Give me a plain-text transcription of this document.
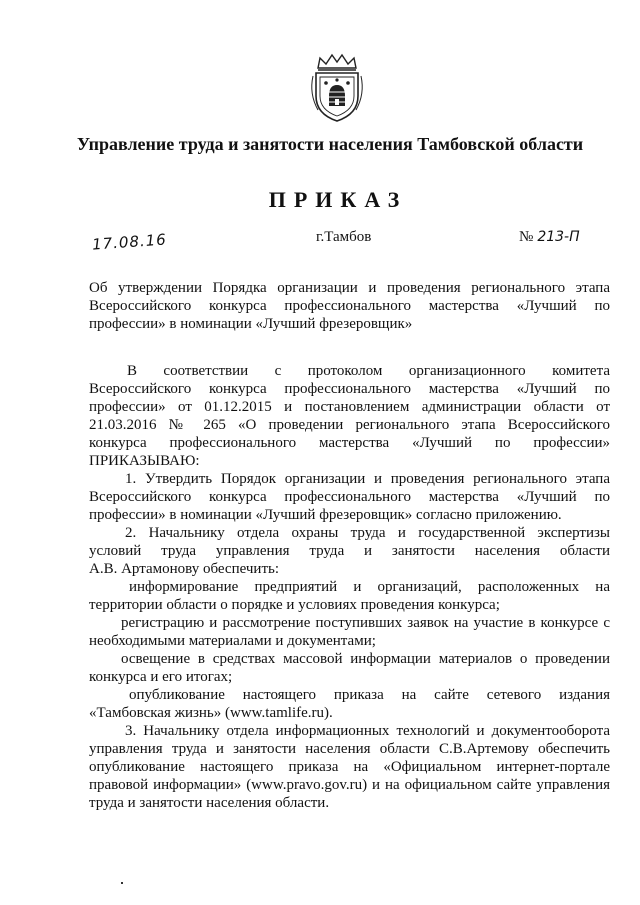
Управление труда и занятости населения Тамбовской области
ПРИКАЗ
17.08.16	г.Тамбов	№ 213-П
Об утверждении Порядка организации и проведения регионального этапа
Всероссийского конкурса профессионального мастерства «Лучший по
профессии» в номинации «Лучший фрезеровщик»
В соответствии с протоколом организационного комитета
Всероссийского конкурса профессионального мастерства «Лучший по
профессии» от 01.12.2015 и постановлением администрации области от
21.03.2016 № 265 «О проведении регионального этапа Всероссийского
конкурса профессионального мастерства «Лучший по профессии»
ПРИКАЗЫВАЮ:
1. Утвердить Порядок организации и проведения регионального этапа
Всероссийского конкурса профессионального мастерства «Лучший по
профессии» в номинации «Лучший фрезеровщик» согласно приложению.
2. Начальнику отдела охраны труда и государственной экспертизы
условий труда управления труда и занятости населения области
А.В. Артамонову обеспечить:
информирование предприятий и организаций, расположенных на
территории области о порядке и условиях проведения конкурса;
регистрацию и рассмотрение поступивших заявок на участие в конкурсе с
необходимыми материалами и документами;
освещение в средствах массовой информации материалов о проведении
конкурса и его итогах;
опубликование настоящего приказа на сайте сетевого издания
«Тамбовская жизнь» (www.tamlife.ru).
3. Начальнику отдела информационных технологий и документооборота
управления труда и занятости населения области С.В.Артемову обеспечить
опубликование настоящего приказа на «Официальном интернет-портале
правовой информации» (www.pravo.gov.ru) и на официальном сайте управления
труда и занятости населения области.
